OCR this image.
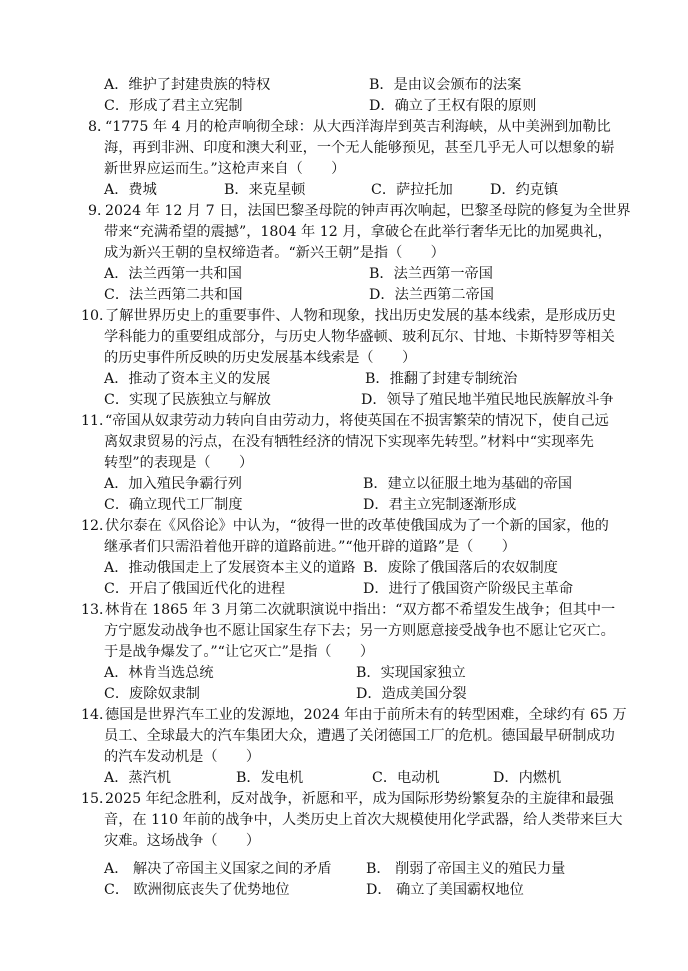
A．维护了封建贵族的特权	B．是由议会颁布的法案
C．形成了君主立宪制	D．确立了王权有限的原则
8．
“1775 年 4 月的枪声响彻全球：从大西洋海岸到英吉利海峡，从中美洲到加勒比
海，再到非洲、印度和澳大利亚，一个无人能够预见，甚至几乎无人可以想象的崭
新世界应运而生。”这枪声来自（　　）
A．费城	B．来克星顿	C．萨拉托加	D．约克镇
9．
2024 年 12 月 7 日，法国巴黎圣母院的钟声再次响起，巴黎圣母院的修复为全世界
带来“充满希望的震撼”，1804 年 12 月，拿破仑在此举行奢华无比的加冕典礼，
成为新兴王朝的皇权缔造者。“新兴王朝”是指（　　）
A．法兰西第一共和国	B．法兰西第一帝国
C．法兰西第二共和国	D．法兰西第二帝国
10．
了解世界历史上的重要事件、人物和现象，找出历史发展的基本线索，是形成历史
学科能力的重要组成部分，与历史人物华盛顿、玻利瓦尔、甘地、卡斯特罗等相关
的历史事件所反映的历史发展基本线索是（　　）
A．推动了资本主义的发展	B．推翻了封建专制统治
C．实现了民族独立与解放	D．领导了殖民地半殖民地民族解放斗争
11．
“帝国从奴隶劳动力转向自由劳动力，将使英国在不损害繁荣的情况下，使自己远
离奴隶贸易的污点，在没有牺牲经济的情况下实现率先转型。”材料中“实现率先
转型”的表现是（　　）
A．加入殖民争霸行列	B．建立以征服土地为基础的帝国
C．确立现代工厂制度	D．君主立宪制逐渐形成
12．
伏尔泰在《风俗论》中认为，“彼得一世的改革使俄国成为了一个新的国家，他的
继承者们只需沿着他开辟的道路前进。”“他开辟的道路”是（　　）
A．推动俄国走上了发展资本主义的道路 B．废除了俄国落后的农奴制度
C．开启了俄国近代化的进程	D．进行了俄国资产阶级民主革命
13．
林肯在 1865 年 3 月第二次就职演说中指出：“双方都不希望发生战争；但其中一
方宁愿发动战争也不愿让国家生存下去；另一方则愿意接受战争也不愿让它灭亡。
于是战争爆发了。”“让它灭亡”是指（　　）
A．林肯当选总统	B．实现国家独立
C．废除奴隶制	D．造成美国分裂
14．
德国是世界汽车工业的发源地，2024 年由于前所未有的转型困难，全球约有 65 万
员工、全球最大的汽车集团大众，遭遇了关闭德国工厂的危机。德国最早研制成功
的汽车发动机是（　　）
A．蒸汽机	B．发电机	C．电动机	D．内燃机
15．
2025 年纪念胜利，反对战争，祈愿和平，成为国际形势纷繁复杂的主旋律和最强
音，在 110 年前的战争中，人类历史上首次大规模使用化学武器，给人类带来巨大
灾难。这场战争（　　）
A． 解决了帝国主义国家之间的矛盾 B． 削弱了帝国主义的殖民力量
C． 欧洲彻底丧失了优势地位	D． 确立了美国霸权地位
